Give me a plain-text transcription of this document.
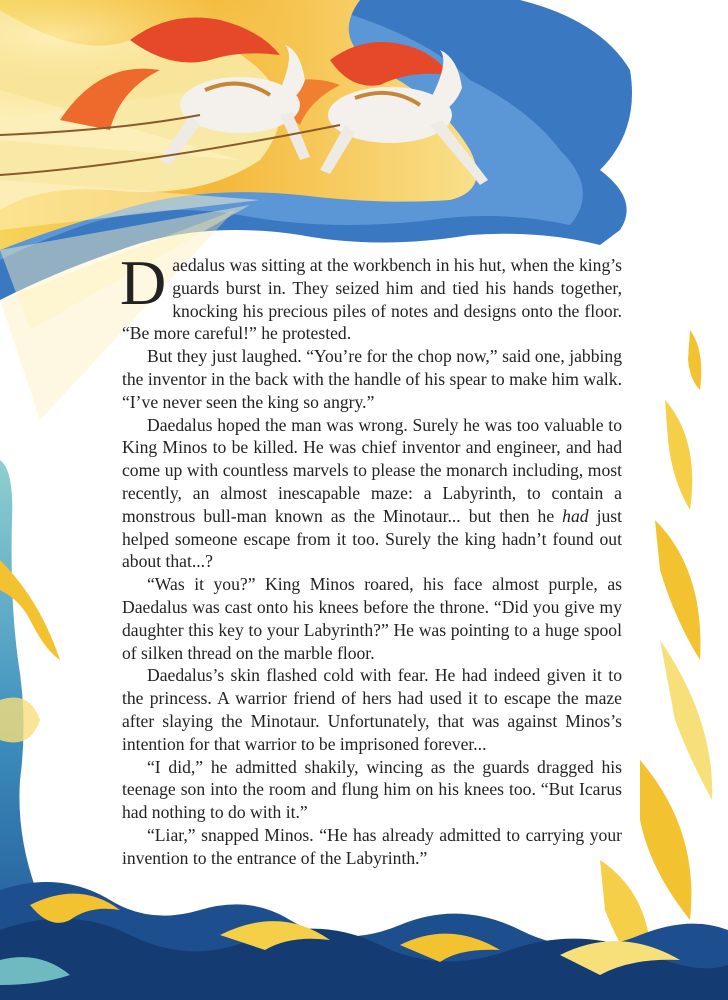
Daedalus was sitting at the workbench in his hut, when the king’s guards burst in. They seized him and tied his hands together, knocking his precious piles of notes and designs onto the floor. “Be more careful!” he protested.

But they just laughed. “You’re for the chop now,” said one, jabbing the inventor in the back with the handle of his spear to make him walk. “I’ve never seen the king so angry.”

Daedalus hoped the man was wrong. Surely he was too valuable to King Minos to be killed. He was chief inventor and engineer, and had come up with countless marvels to please the monarch including, most recently, an almost inescapable maze: a Labyrinth, to contain a monstrous bull-man known as the Minotaur... but then he had just helped someone escape from it too. Surely the king hadn’t found out about that...?

“Was it you?” King Minos roared, his face almost purple, as Daedalus was cast onto his knees before the throne. “Did you give my daughter this key to your Labyrinth?” He was pointing to a huge spool of silken thread on the marble floor.

Daedalus’s skin flashed cold with fear. He had indeed given it to the princess. A warrior friend of hers had used it to escape the maze after slaying the Minotaur. Unfortunately, that was against Minos’s intention for that warrior to be imprisoned forever...

“I did,” he admitted shakily, wincing as the guards dragged his teenage son into the room and flung him on his knees too. “But Icarus had nothing to do with it.”

“Liar,” snapped Minos. “He has already admitted to carrying your invention to the entrance of the Labyrinth.”
